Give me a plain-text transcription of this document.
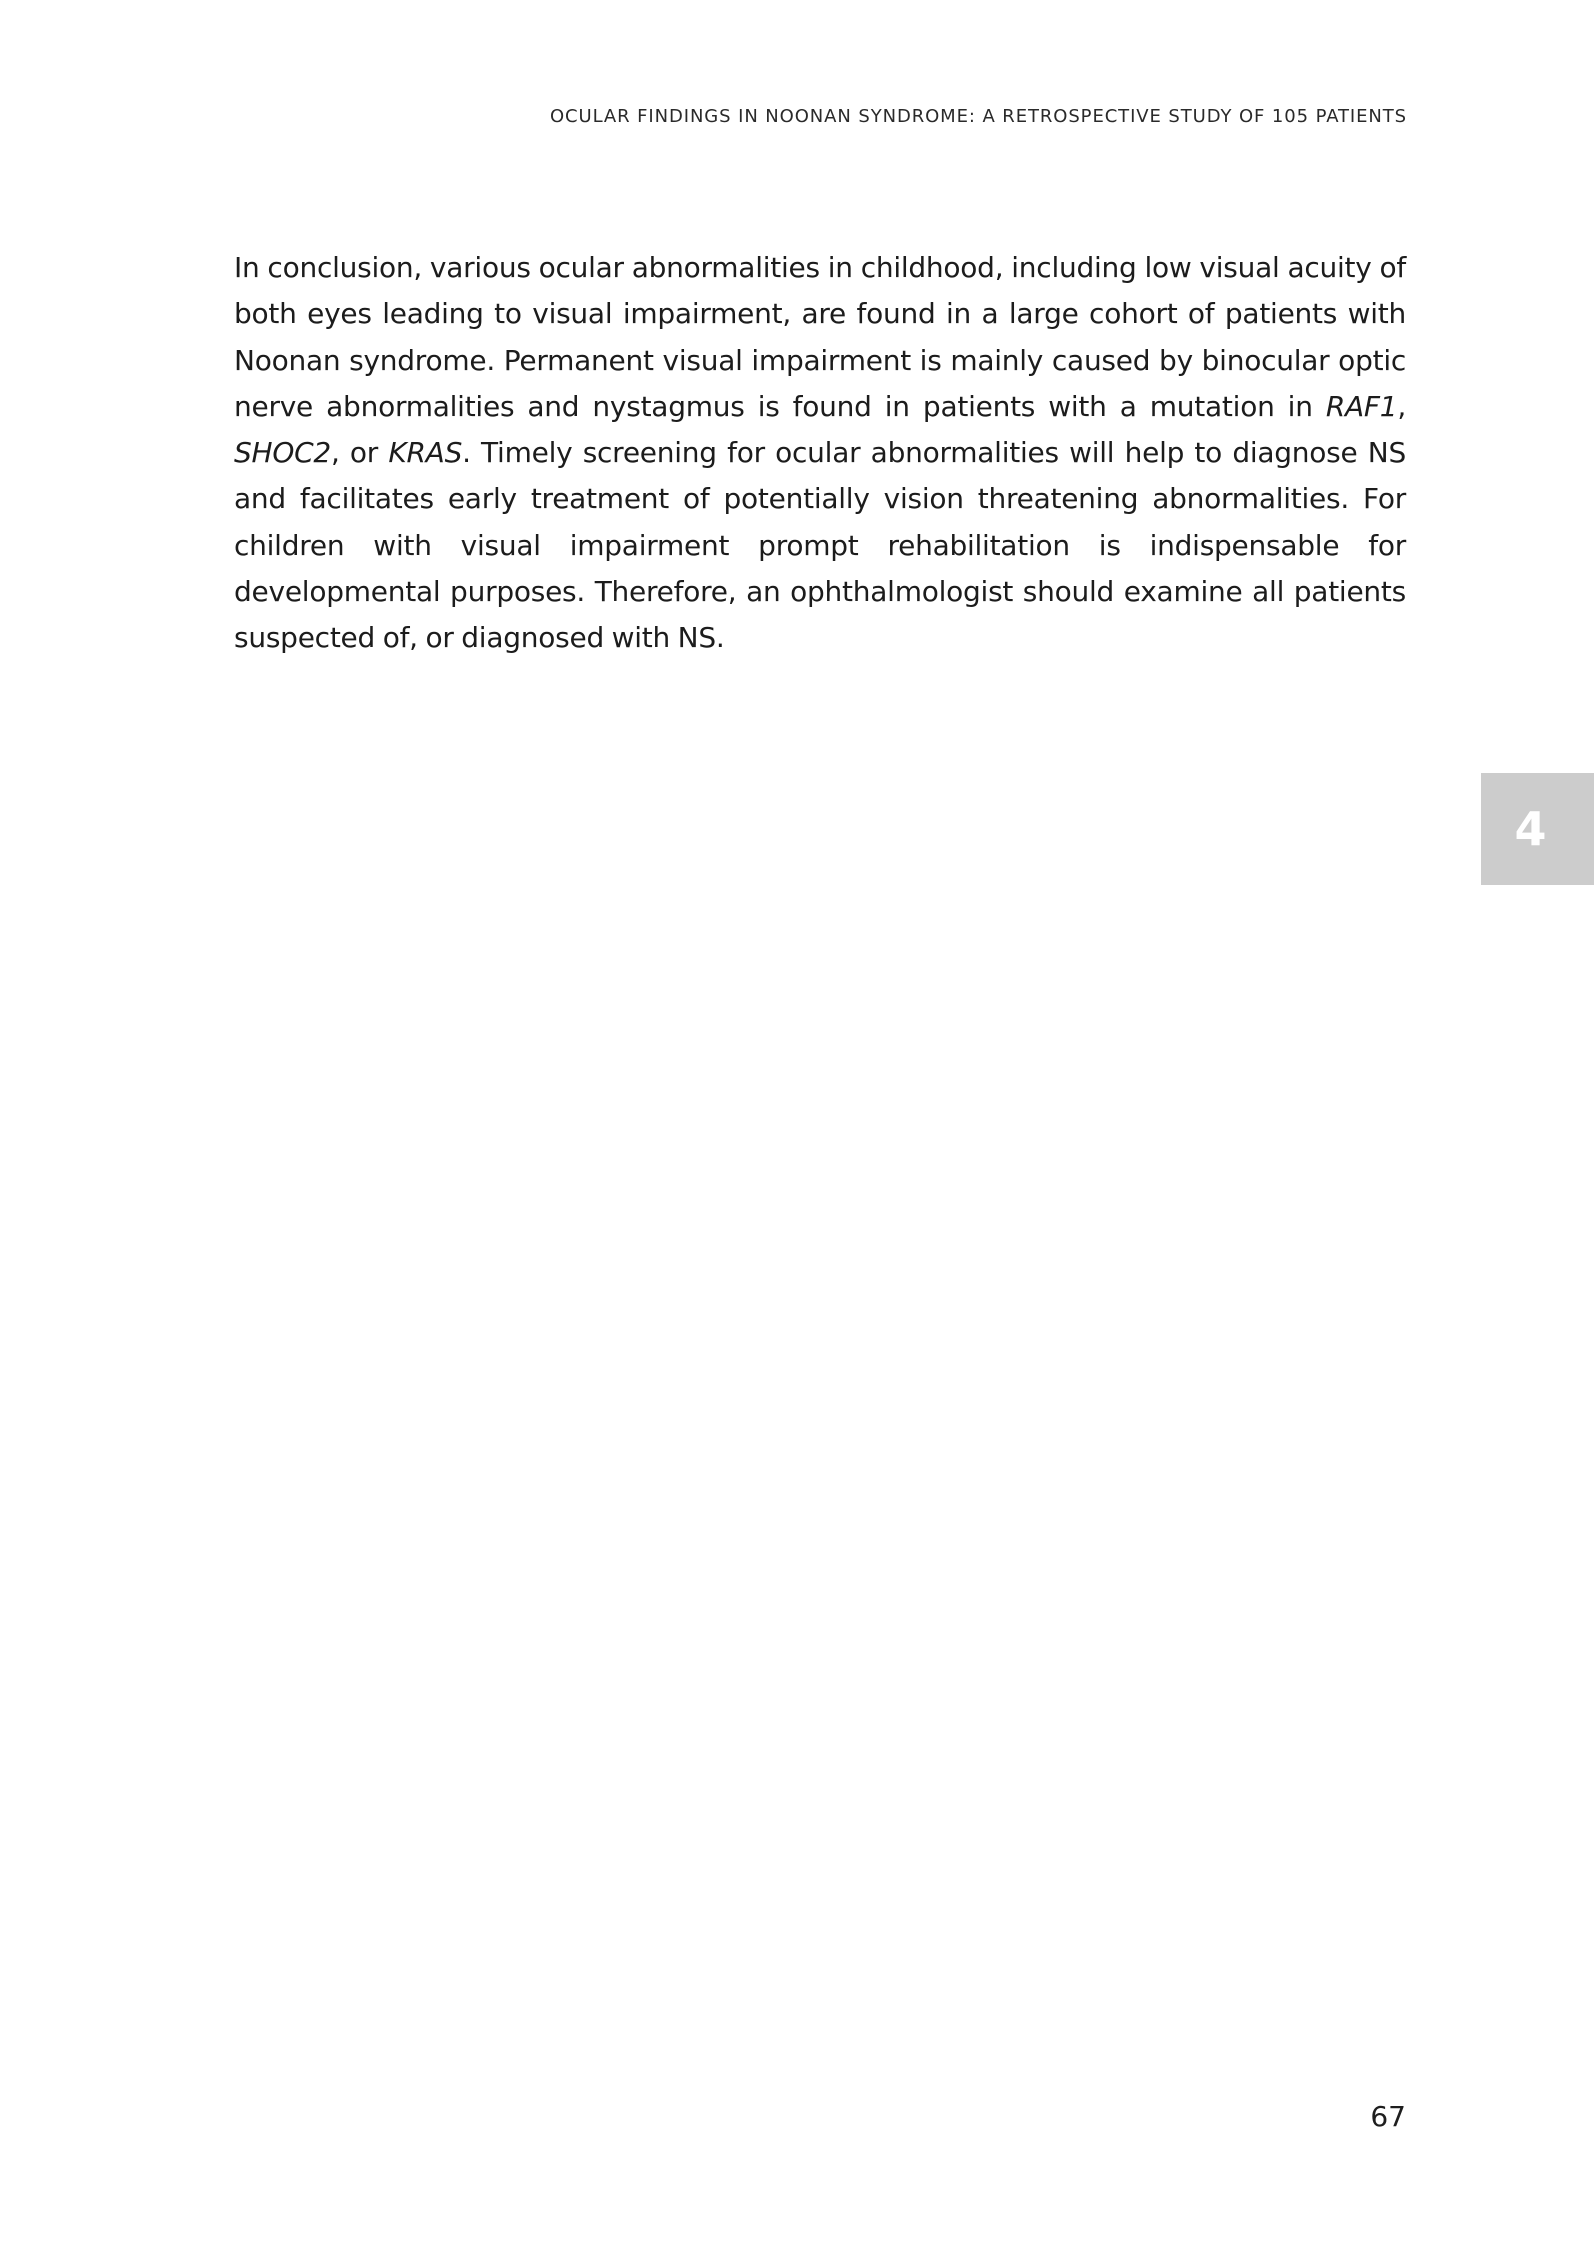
OCULAR FINDINGS IN NOONAN SYNDROME: A RETROSPECTIVE STUDY OF 105 PATIENTS

In conclusion, various ocular abnormalities in childhood, including low visual acuity of both eyes leading to visual impairment, are found in a large cohort of patients with Noonan syndrome. Permanent visual impairment is mainly caused by binocular optic nerve abnormalities and nystagmus is found in patients with a mutation in RAF1, SHOC2, or KRAS. Timely screening for ocular abnormalities will help to diagnose NS and facilitates early treatment of potentially vision threatening abnormalities. For children with visual impairment prompt rehabilitation is indispensable for developmental purposes. Therefore, an ophthalmologist should examine all patients suspected of, or diagnosed with NS.

4
67
